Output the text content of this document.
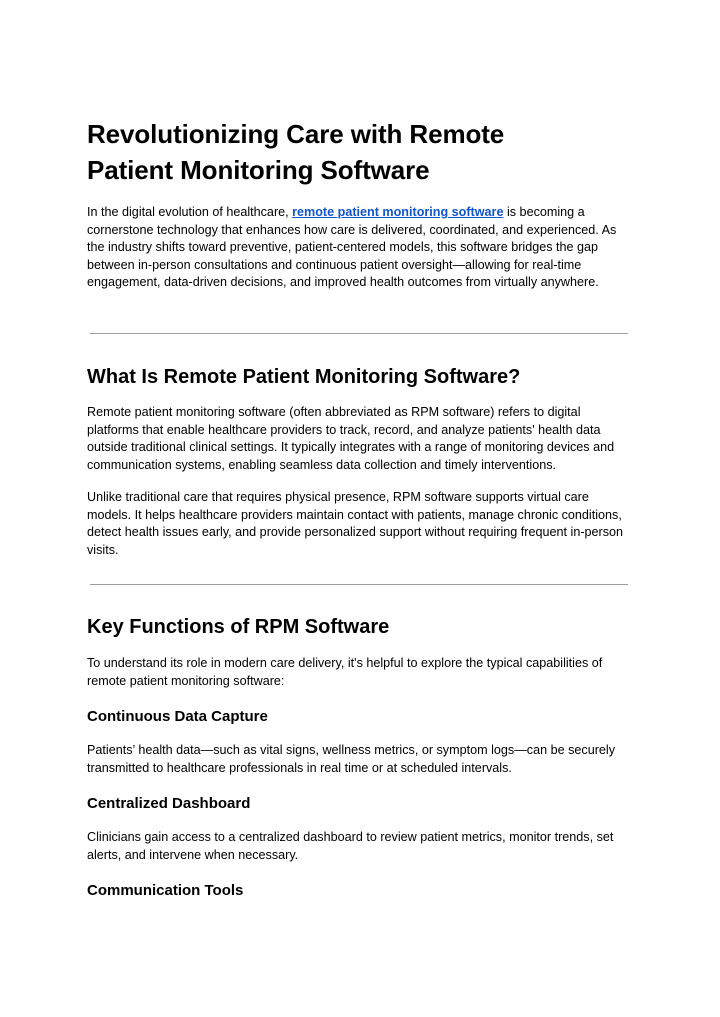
Revolutionizing Care with Remote
Patient Monitoring Software

In the digital evolution of healthcare, remote patient monitoring software is becoming a cornerstone technology that enhances how care is delivered, coordinated, and experienced. As the industry shifts toward preventive, patient-centered models, this software bridges the gap between in-person consultations and continuous patient oversight—allowing for real-time engagement, data-driven decisions, and improved health outcomes from virtually anywhere.

What Is Remote Patient Monitoring Software?

Remote patient monitoring software (often abbreviated as RPM software) refers to digital platforms that enable healthcare providers to track, record, and analyze patients' health data outside traditional clinical settings. It typically integrates with a range of monitoring devices and communication systems, enabling seamless data collection and timely interventions.

Unlike traditional care that requires physical presence, RPM software supports virtual care models. It helps healthcare providers maintain contact with patients, manage chronic conditions, detect health issues early, and provide personalized support without requiring frequent in-person visits.

Key Functions of RPM Software

To understand its role in modern care delivery, it's helpful to explore the typical capabilities of remote patient monitoring software:

Continuous Data Capture

Patients’ health data—such as vital signs, wellness metrics, or symptom logs—can be securely transmitted to healthcare professionals in real time or at scheduled intervals.

Centralized Dashboard

Clinicians gain access to a centralized dashboard to review patient metrics, monitor trends, set alerts, and intervene when necessary.

Communication Tools
